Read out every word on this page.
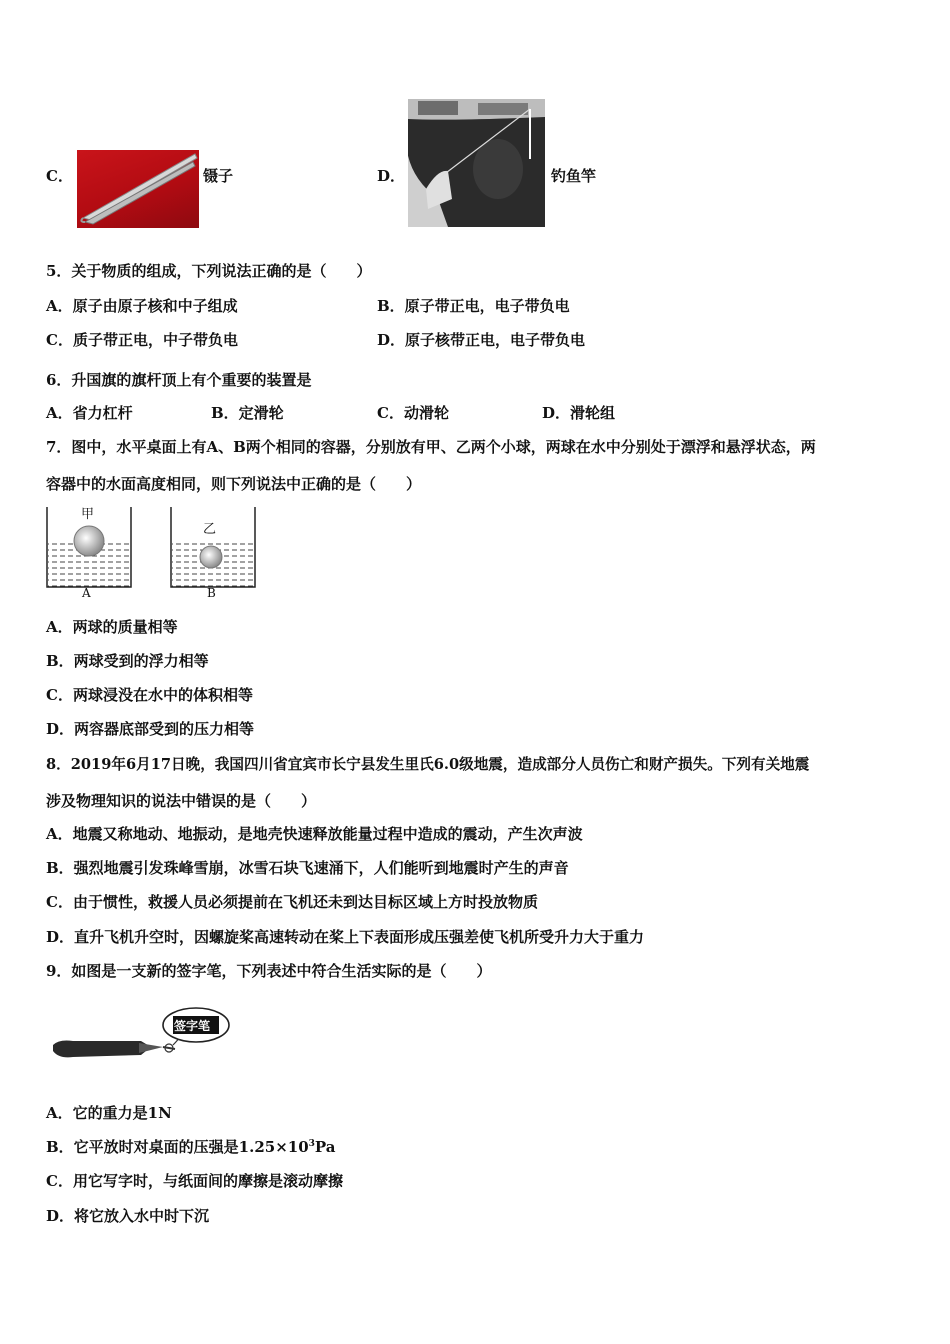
C．	镊子	D．	钓鱼竿
5．关于物质的组成，下列说法正确的是（　　）
A．原子由原子核和中子组成	B．原子带正电，电子带负电
C．质子带正电，中子带负电	D．原子核带正电，电子带负电
6．升国旗的旗杆顶上有个重要的装置是
A．省力杠杆	B．定滑轮	C．动滑轮	D．滑轮组
7．图中，水平桌面上有A、B两个相同的容器，分别放有甲、乙两个小球，两球在水中分别处于漂浮和悬浮状态，两
容器中的水面高度相同，则下列说法中正确的是（　　）
甲
A
乙
B
A．两球的质量相等
B．两球受到的浮力相等
C．两球浸没在水中的体积相等
D．两容器底部受到的压力相等
8．2019年6月17日晚，我国四川省宜宾市长宁县发生里氏6.0级地震，造成部分人员伤亡和财产损失。下列有关地震
涉及物理知识的说法中错误的是（　　）
A．地震又称地动、地振动，是地壳快速释放能量过程中造成的震动，产生次声波
B．强烈地震引发珠峰雪崩，冰雪石块飞速涌下，人们能听到地震时产生的声音
C．由于惯性，救援人员必须提前在飞机还未到达目标区域上方时投放物质
D．直升飞机升空时，因螺旋桨高速转动在桨上下表面形成压强差使飞机所受升力大于重力
9．如图是一支新的签字笔，下列表述中符合生活实际的是（　　）
签字笔
A．它的重力是1N
B．它平放时对桌面的压强是$1.25\times 10^3Pa$
C．用它写字时，与纸面间的摩擦是滚动摩擦
D．将它放入水中时下沉
